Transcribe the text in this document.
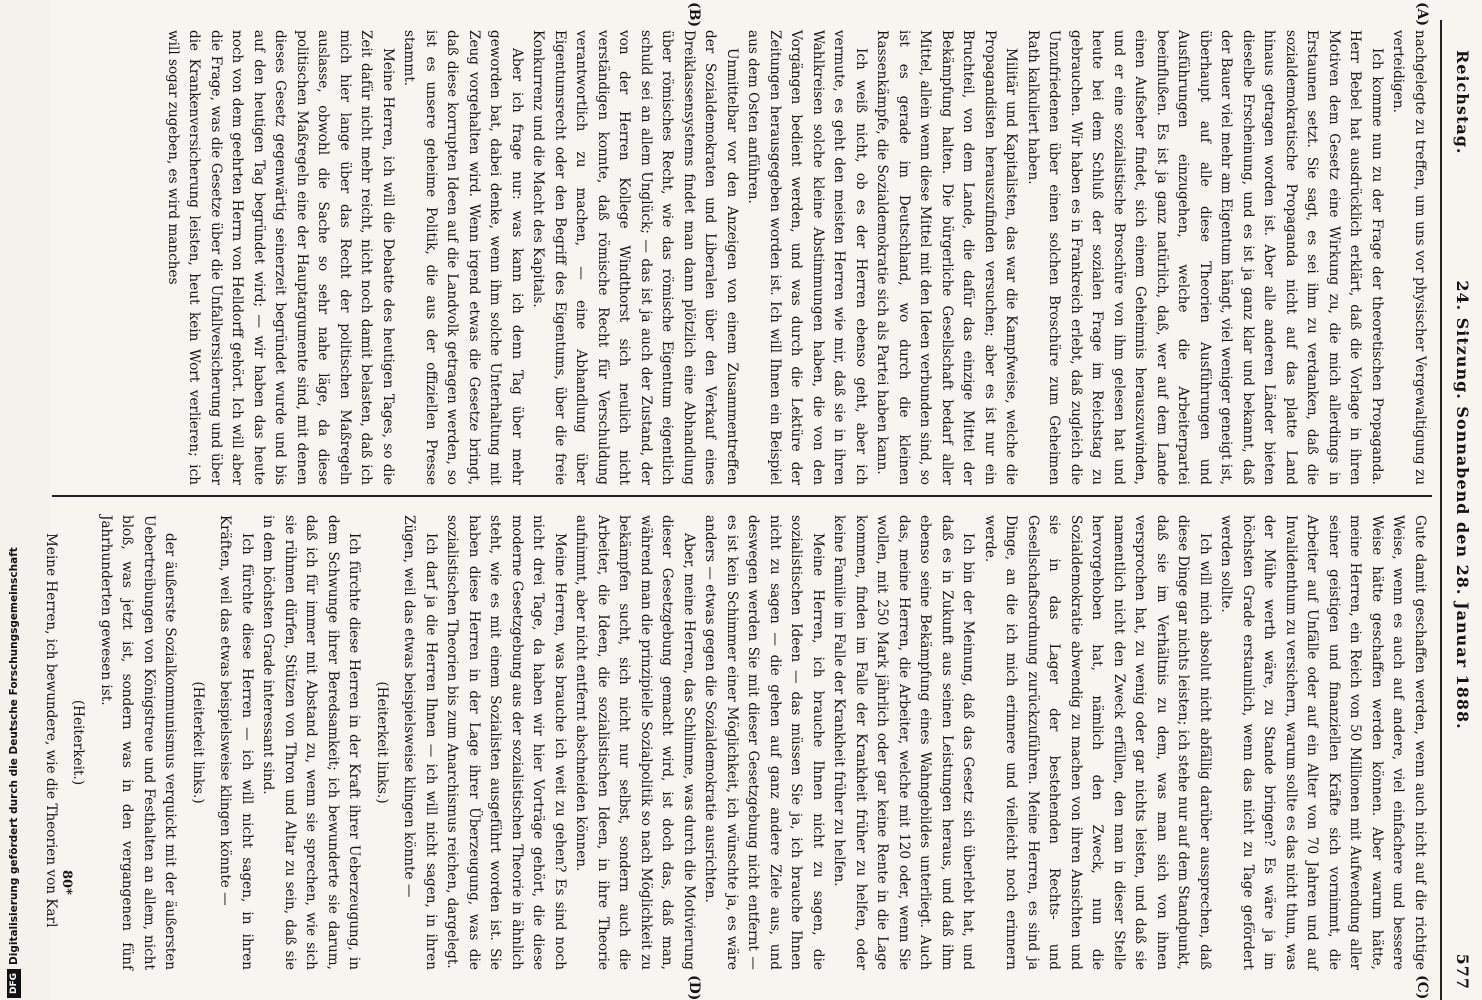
Reichstag.
24. Sitzung. Sonnabend den 28. Januar 1888.
577
(A)
(B)
(C)
(D)

nachgelegte zu treffen, um uns vor physischer Vergewaltigung zu verteidigen.

Ich komme nun zu der Frage der theoretischen Propaganda. Herr Bebel hat ausdrücklich erklärt, daß die Vorlage in ihren Motiven dem Gesetz eine Wirkung zu, die mich allerdings in Erstaunen setzt. Sie sagt, es sei ihm zu verdanken, daß die sozialdemokratische Propaganda nicht auf das platte Land hinaus getragen worden ist. Aber alle anderen Länder bieten dieselbe Erscheinung, und es ist ja ganz klar und bekannt, daß der Bauer viel mehr am Eigentum hängt, viel weniger geneigt ist, überhaupt auf alle diese Theorien Ausführungen und Ausführungen einzugehen, welche die Arbeiterpartei beeinflußen. Es ist ja ganz natürlich, daß, wer auf dem Lande einen Aufseher findet, sich einem Geheimnis herauszuwinden, und er eine sozialistische Broschüre von ihm gelesen hat und heute bei dem Schluß der sozialen Frage im Reichstag zu gebrauchen. Wir haben es in Frankreich erlebt, daß zugleich die Unzufriedenen über einen solchen Broschüre zum Geheimen Rath kalkuliert haben.

Militär und Kapitalisten, das war die Kampfweise, welche die Propagandisten herauszufinden versuchen; aber es ist nur ein Bruchteil, von dem Lande, die dafür das einzige Mittel der Bekämpfung halten. Die bürgerliche Gesellschaft bedarf aller Mittel, allein wenn diese Mittel mit den Ideen verbunden sind, so ist es gerade im Deutschland, wo durch die kleinen Rassenkämpfe, die Sozialdemokratie sich als Partei haben kann.

Ich weiß nicht, ob es der Herren ebenso geht, aber ich vermute, es geht den meisten Herren wie mir, daß sie in ihren Wahlkreisen solche kleine Abstimmungen haben, die von den Vorgängen bedient werden, und was durch die Lektüre der Zeitungen herausgegeben worden ist. Ich will Ihnen ein Beispiel aus dem Osten anführen.

Unmittelbar vor den Anzeigen von einem Zusammentreffen der Sozialdemokraten und Liberalen über den Verkauf eines Dreiklassensystems findet man dann plötzlich eine Abhandlung über römisches Recht, wie das römische Eigentum eigentlich schuld sei an allem Unglück; — das ist ja auch der Zustand, der von der Herren Kollege Windthorst sich neulich nicht verständigen konnte, daß römische Recht für Verschuldung verantwortlich zu machen, — eine Abhandlung über Eigentumsrecht oder den Begriff des Eigentums, über die freie Konkurrenz und die Macht des Kapitals.

Aber ich frage nur: was kann ich denn Tag über mehr geworden bat, dabei denke, wenn ihm solche Unterhaltung mit Zeug vorgehalten wird. Wenn irgend etwas die Gesetze bringt, daß diese korrupten Ideen auf die Landvolk getragen werden, so ist es unsere geheime Politik, die aus der offiziellen Presse stammt.

Meine Herren, ich will die Debatte des heutigen Tages, so die Zeit dafür nicht mehr reicht, nicht noch damit belasten, daß ich mich hier lange über das Recht der politischen Maßregeln auslasse, obwohl die Sache so sehr nahe läge, da diese politischen Maßregeln eine der Hauptargumente sind, mit denen dieses Gesetz gegenwärtig seinerzeit begründet wurde und bis auf den heutigen Tag begründet wird; — wir haben das heute noch von dem geehrten Herrn von Helldorff gehört. Ich will aber die Frage, was die Gesetze über die Unfallversicherung und über die Krankenversicherung leisten, heut kein Wort verlieren; ich will sogar zugeben, es wird manches

Gute damit geschaffen werden, wenn auch nicht auf die richtige Weise, wenn es auch auf andere, viel einfachere und bessere Weise hätte geschaffen werden können. Aber warum hätte, meine Herren, ein Reich von 50 Millionen mit Aufwendung aller seiner geistigen und finanziellen Kräfte sich vornimmt, die Arbeiter auf Unfälle oder auf ein Alter von 70 Jahren und auf Invalidenthum zu versichern, warum sollte es das nicht thun, was der Mühe werth wäre, zu Stande bringen? Es wäre ja im höchsten Grade erstaunlich, wenn das nicht zu Tage gefördert werden sollte.

Ich will mich absolut nicht abfällig darüber aussprechen, daß diese Dinge gar nichts leisten; ich stehe nur auf dem Standpunkt, daß sie im Verhältnis zu dem, was man sich von ihnen versprochen hat, zu wenig oder gar nichts leisten, und daß sie namentlich nicht den Zweck erfüllen, den man in dieser Stelle hervorgehoben hat, nämlich den Zweck, nun die Sozialdemokratie abwendig zu machen von ihren Ansichten und sie in das Lager der bestehenden Rechts- und Gesellschaftsordnung zurückzuführen. Meine Herren, es sind ja Dinge, an die ich mich erinnere und vielleicht noch erinnern werde.

Ich bin der Meinung, daß das Gesetz sich überlebt hat, und daß es in Zukunft aus seinen Leistungen heraus, und daß ihm ebenso seine Bekämpfung eines Wahngebildes unterliegt. Auch das, meine Herren, die Arbeiter, welche mit 120 oder, wenn Sie wollen, mit 250 Mark jährlich oder gar keine Rente in die Lage kommen, finden im Falle der Krankheit früher zu helfen, oder keine Familie im Falle der Krankheit früher zu helfen.

Meine Herren, ich brauche Ihnen nicht zu sagen, die sozialistischen Ideen — das müssen Sie ja, ich brauche Ihnen nicht zu sagen — die gehen auf ganz andere Ziele aus, und deswegen werden Sie mit dieser Gesetzgebung nicht entfernt — es ist kein Schimmer einer Möglichkeit, ich wünschte ja, es wäre anders — etwas gegen die Sozialdemokratie ausrichten.

Aber, meine Herren, das Schlimme, was durch die Motivierung dieser Gesetzgebung gemacht wird, ist doch das, daß man, während man die prinzipielle Sozialpolitik so nach Möglichkeit zu bekämpfen sucht, sich nicht nur selbst, sondern auch die Arbeiter, die Ideen, die sozialistischen Ideen, in ihre Theorie aufnimmt, aber nicht entfernt abschneiden können.

Meine Herren, was brauche ich weit zu gehen? Es sind noch nicht drei Tage, da haben wir hier Vorträge gehört, die diese moderne Gesetzgebung aus der sozialistischen Theorie in ähnlich steht, wie es mit einem Sozialisten ausgeführt worden ist. Sie haben diese Herren in der Lage ihrer Überzeugung, was die sozialistischen Theorien bis zum Anarchismus reichen, dargelegt.

Ich darf ja die Herren Ihnen — ich will nicht sagen, in ihren Zügen, weil das etwas beispielsweise klingen könnte —

(Heiterkeit links.)

Ich fürchte diese Herren in der Kraft ihrer Ueberzeugung, in dem Schwunge ihrer Beredsamkeit; ich bewunderte sie darum, daß ich für immer mit Abstand zu, wenn sie sprechen, wie sich sie rühmen dürfen, Stützen von Thron und Altar zu sein, daß sie in dem höchsten Grade interessant sind.

Ich fürchte diese Herren — ich will nicht sagen, in ihren Kräften, weil das etwas beispielsweise klingen könnte —

(Heiterkeit links.)

der äußerste Sozialkommunismus verquickt mit der äußersten Uebertreibungen von Königstreue und Festhalten an allem, nicht bloß, was jetzt ist, sondern was in den vergangenen fünf Jahrhunderten gewesen ist.

(Heiterkeit.)

Meine Herren, ich bewundere, wie die Theorien von Karl 80*
DFGDigitalisierung gefördert durch die Deutsche Forschungsgemeinschaft
